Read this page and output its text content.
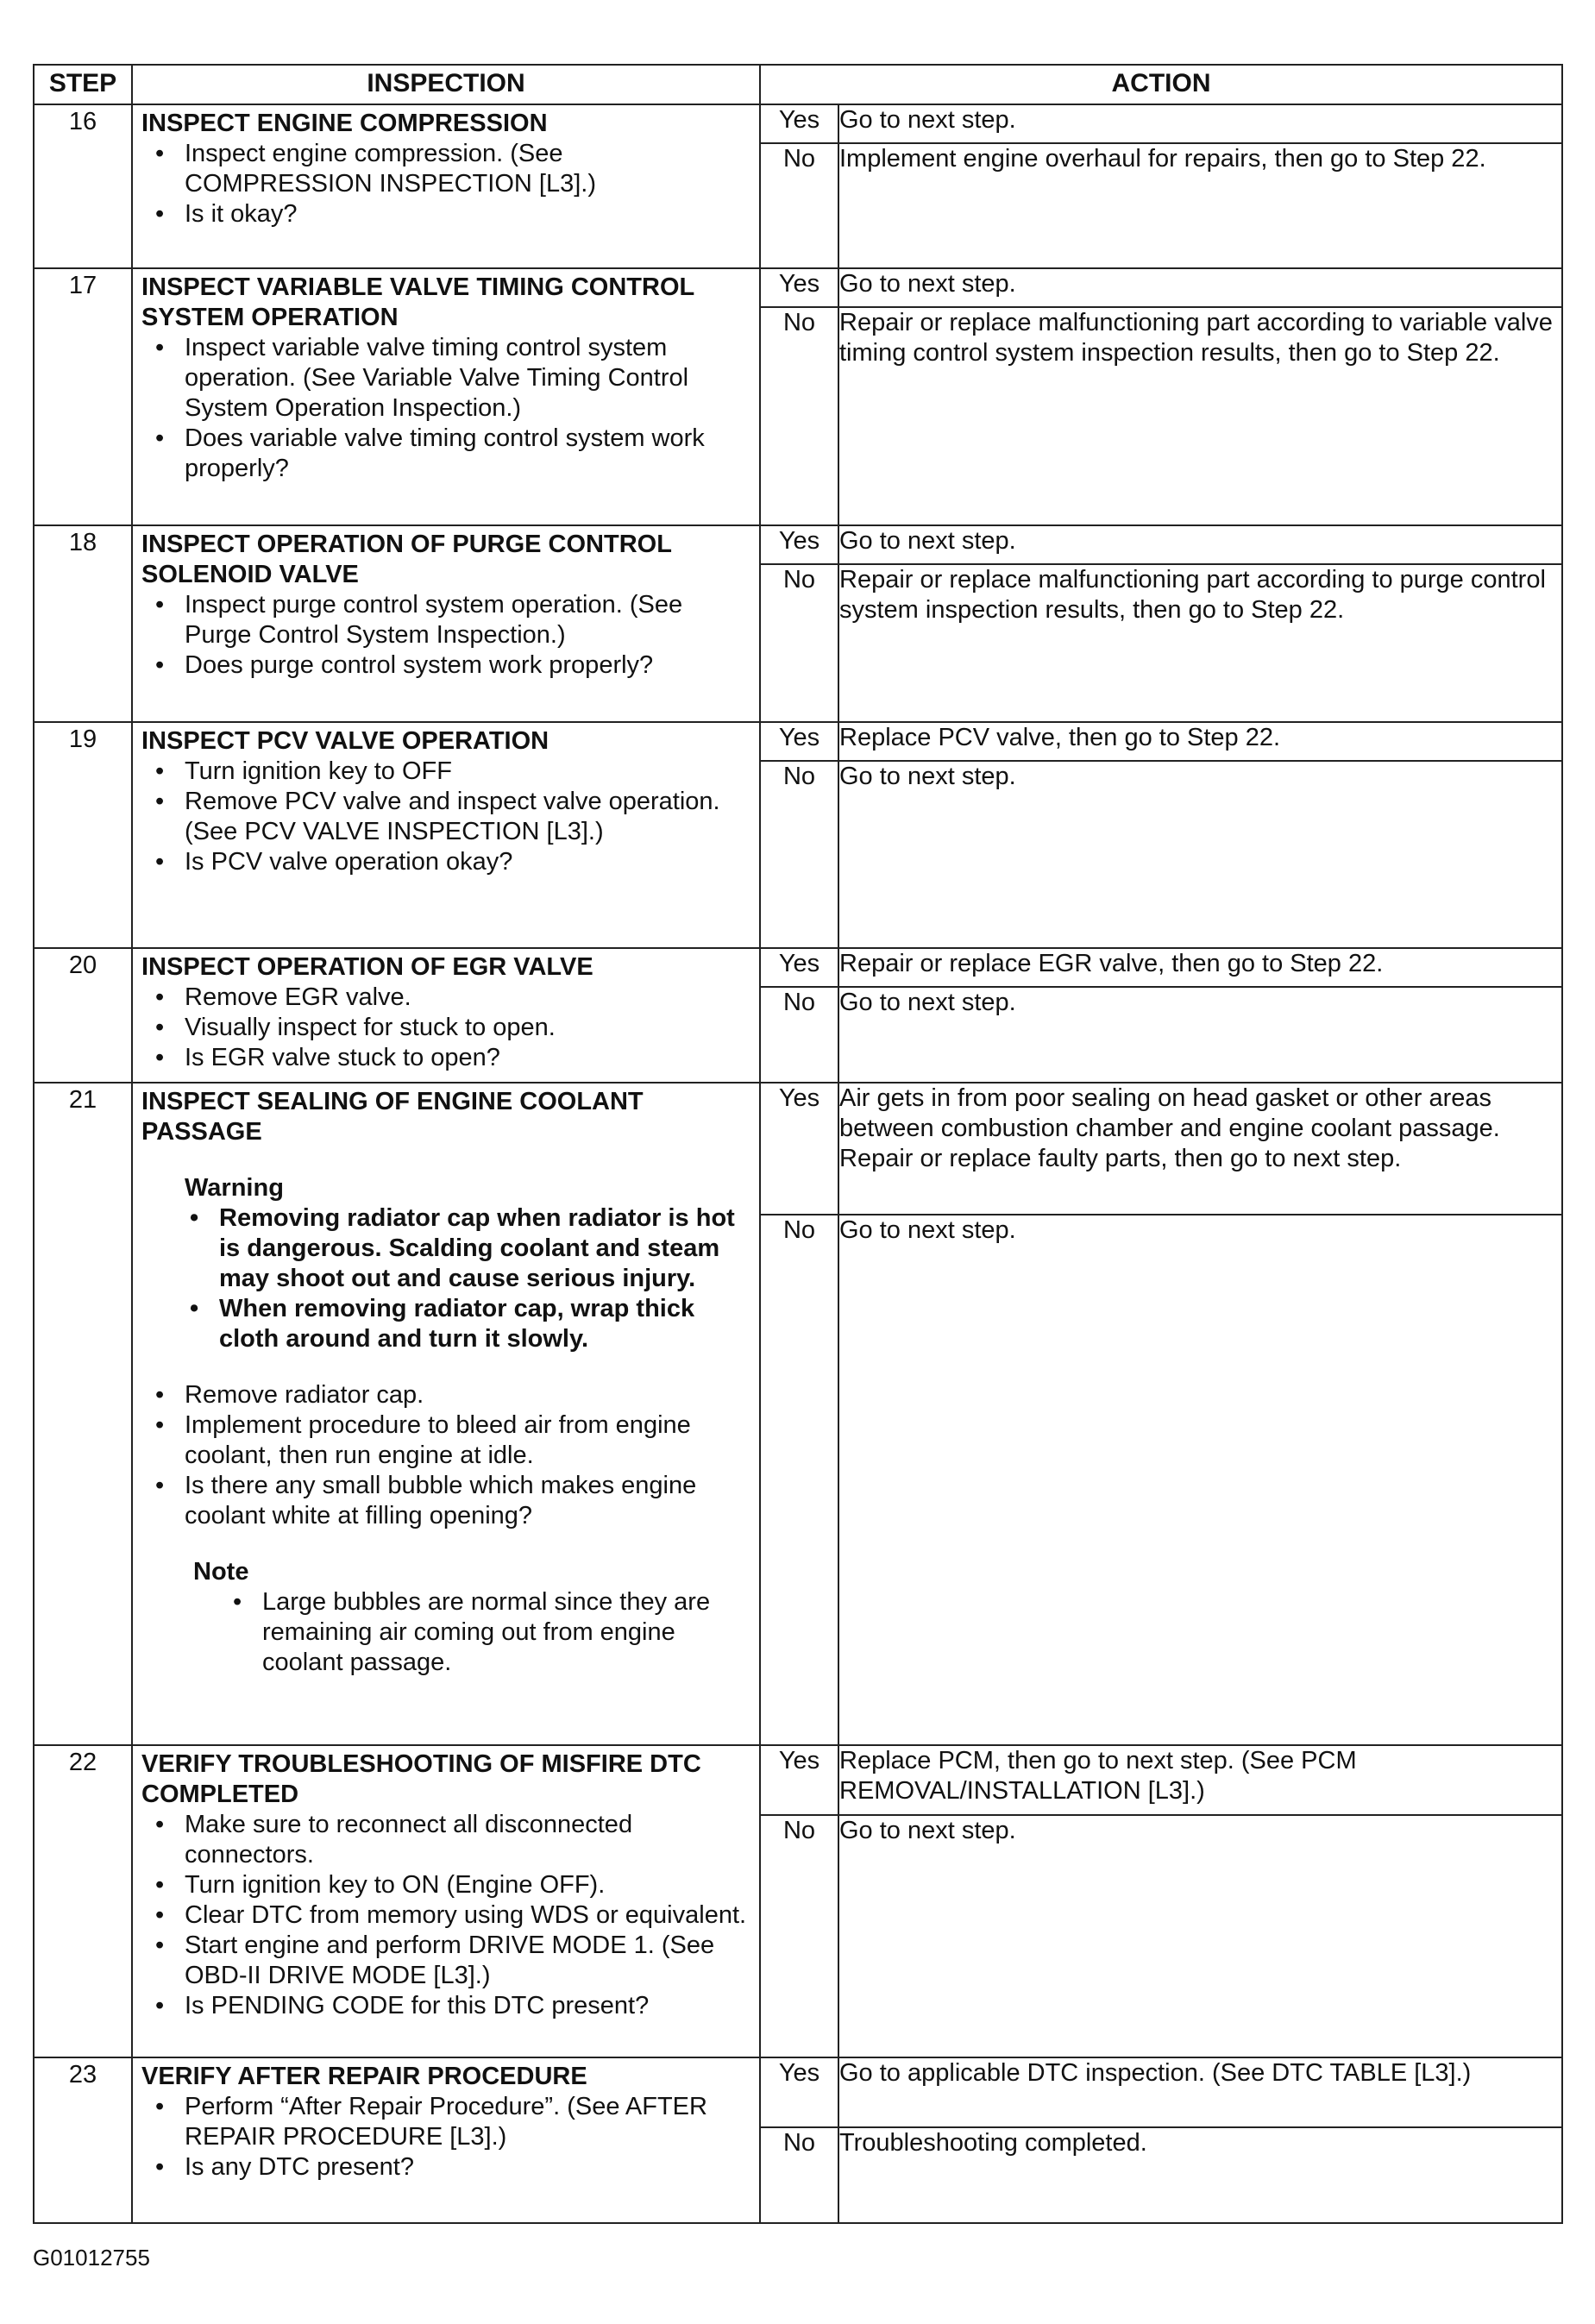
STEP	INSPECTION	ACTION
16	INSPECT ENGINE COMPRESSION
• Inspect engine compression. (See COMPRESSION INSPECTION [L3].)
• Is it okay?

Yes	Go to next step.
No	Implement engine overhaul for repairs, then go to Step 22.

17	INSPECT VARIABLE VALVE TIMING CONTROL SYSTEM OPERATION
• Inspect variable valve timing control system operation. (See Variable Valve Timing Control System Operation Inspection.)
• Does variable valve timing control system work properly?

Yes	Go to next step.
No	Repair or replace malfunctioning part according to variable valve timing control system inspection results, then go to Step 22.

18	INSPECT OPERATION OF PURGE CONTROL SOLENOID VALVE
• Inspect purge control system operation. (See Purge Control System Inspection.)
• Does purge control system work properly?

Yes	Go to next step.
No	Repair or replace malfunctioning part according to purge control system inspection results, then go to Step 22.

19	INSPECT PCV VALVE OPERATION
• Turn ignition key to OFF
• Remove PCV valve and inspect valve operation. (See PCV VALVE INSPECTION [L3].)
• Is PCV valve operation okay?

Yes	Replace PCV valve, then go to Step 22.
No	Go to next step.

20	INSPECT OPERATION OF EGR VALVE
• Remove EGR valve.
• Visually inspect for stuck to open.
• Is EGR valve stuck to open?

Yes	Repair or replace EGR valve, then go to Step 22.
No	Go to next step.

21	INSPECT SEALING OF ENGINE COOLANT PASSAGE
Warning
• Removing radiator cap when radiator is hot is dangerous. Scalding coolant and steam may shoot out and cause serious injury.
• When removing radiator cap, wrap thick cloth around and turn it slowly.
• Remove radiator cap.
• Implement procedure to bleed air from engine coolant, then run engine at idle.
• Is there any small bubble which makes engine coolant white at filling opening?
Note
• Large bubbles are normal since they are remaining air coming out from engine coolant passage.

Yes	Air gets in from poor sealing on head gasket or other areas between combustion chamber and engine coolant passage. Repair or replace faulty parts, then go to next step.
No	Go to next step.

22	VERIFY TROUBLESHOOTING OF MISFIRE DTC COMPLETED
• Make sure to reconnect all disconnected connectors.
• Turn ignition key to ON (Engine OFF).
• Clear DTC from memory using WDS or equivalent.
• Start engine and perform DRIVE MODE 1. (See OBD-II DRIVE MODE [L3].)
• Is PENDING CODE for this DTC present?

Yes	Replace PCM, then go to next step. (See PCM REMOVAL/INSTALLATION [L3].)
No	Go to next step.

23	VERIFY AFTER REPAIR PROCEDURE
• Perform “After Repair Procedure”. (See AFTER REPAIR PROCEDURE [L3].)
• Is any DTC present?

Yes	Go to applicable DTC inspection. (See DTC TABLE [L3].)
No	Troubleshooting completed.
G01012755
